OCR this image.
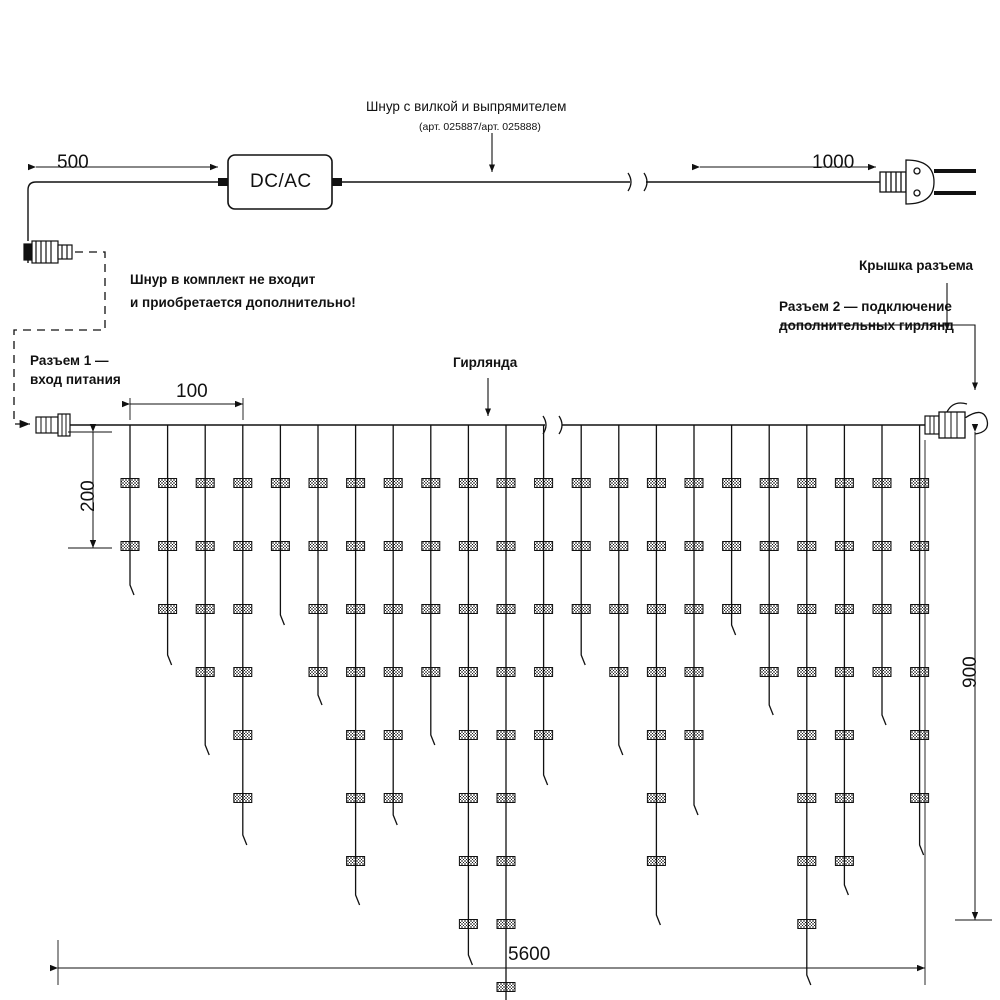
Шнур с вилкой и выпрямителем
(арт. 025887/арт. 025888)
500	1000
DC/AC
Шнур в комплект не входит
и приобретается дополнительно!
Разъем 1 —
вход питания
Крышка разъема
Разъем 2 — подключение
дополнительных гирлянд
Гирлянда
100
200
900
5600
